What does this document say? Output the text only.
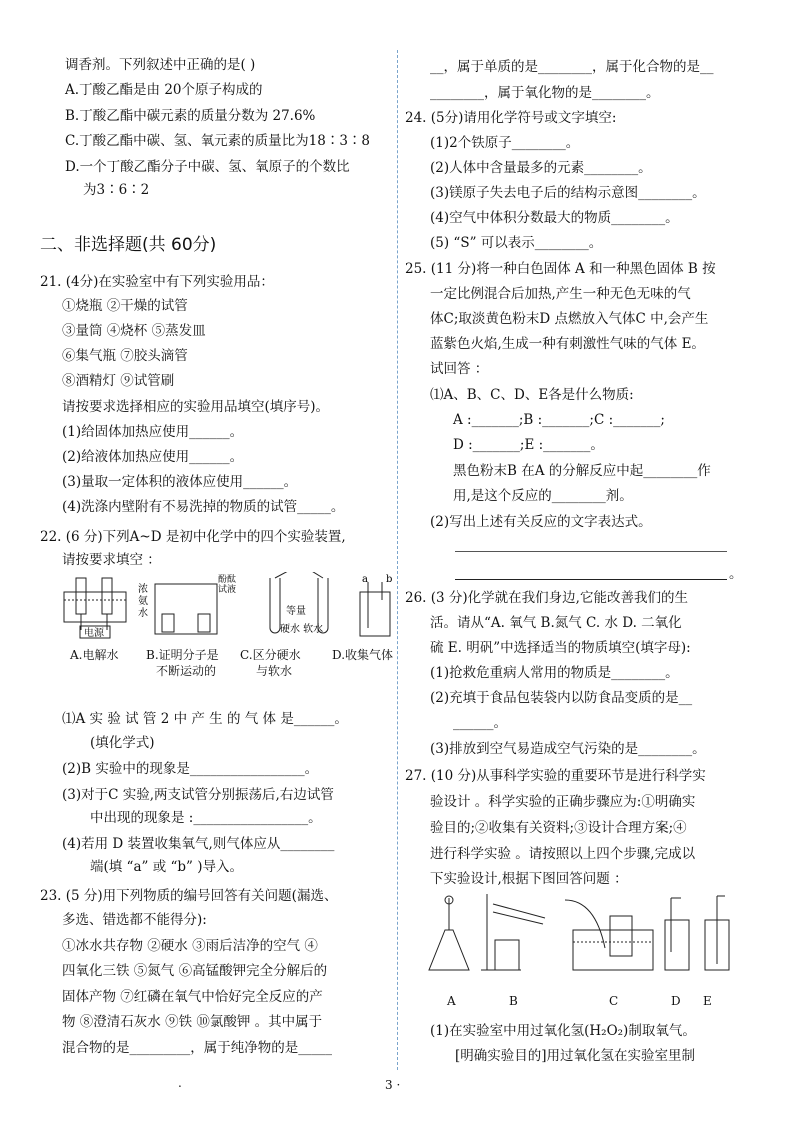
调香剂。下列叙述中正确的是( )
A.丁酸乙酯是由 20个原子构成的
B.丁酸乙酯中碳元素的质量分数为 27.6%
C.丁酸乙酯中碳、氢、氧元素的质量比为18∶3∶8
D.一个丁酸乙酯分子中碳、氢、氧原子的个数比
为3∶6∶2
二、非选择题(共 60分)
21. (4分)在实验室中有下列实验用品：
①烧瓶 ②干燥的试管
③量筒 ④烧杯 ⑤蒸发皿
⑥集气瓶 ⑦胶头滴管
⑧酒精灯 ⑨试管刷
请按要求选择相应的实验用品填空(填序号)。
(1)给固体加热应使用______。
(2)给液体加热应使用______。
(3)量取一定体积的液体应使用______。
(4)洗涤内壁附有不易洗掉的物质的试管_____。
22. (6 分)下列A~D 是初中化学中的四个实验装置,
请按要求填空 ：
电源
浓
氨
水
酚酞
试液
等量
硬水 软水
a b
A.电解水 B.证明分子是
不断运动的
C.区分硬水
与软水
D.收集气体
⑴A 实 验 试 管 2 中 产 生 的 气 体 是______。
(填化学式)
(2)B 实验中的现象是_________________。
(3)对于C 实验,两支试管分别振荡后,右边试管
中出现的现象是 :_________________。
(4)若用 D 装置收集氧气,则气体应从________
端(填 “a” 或 “b” )导入。
23. (5 分)用下列物质的编号回答有关问题(漏选、
多选、错选都不能得分):
①冰水共存物 ②硬水 ③雨后洁净的空气 ④
四氧化三铁 ⑤氮气 ⑥高锰酸钾完全分解后的
固体产物 ⑦红磷在氧气中恰好完全反应的产
物 ⑧澄清石灰水 ⑨铁 ⑩氯酸钾 。其中属于
混合物的是_________，属于纯净物的是_____
__，属于单质的是________，属于化合物的是__
________，属于氧化物的是________。
24. (5分)请用化学符号或文字填空:
(1)2个铁原子________。
(2)人体中含量最多的元素________。
(3)镁原子失去电子后的结构示意图________。
(4)空气中体积分数最大的物质________。
(5) “S” 可以表示________。
25. (11 分)将一种白色固体 A 和一种黑色固体 B 按
一定比例混合后加热,产生一种无色无味的气
体C;取淡黄色粉末D 点燃放入气体C 中,会产生
蓝紫色火焰,生成一种有刺激性气味的气体 E。
试回答 ：
⑴A、B、C、D、E各是什么物质:
A :_______;B :_______;C :_______;
D :_______;E :_______。
黑色粉末B 在A 的分解反应中起________作
用,是这个反应的________剂。
(2)写出上述有关反应的文字表达式。
。
26. (3 分)化学就在我们身边,它能改善我们的生
活。请从“A. 氧气 B.氮气 C. 水 D. 二氧化
硫 E. 明矾”中选择适当的物质填空(填字母):
(1)抢救危重病人常用的物质是________。
(2)充填于食品包装袋内以防食品变质的是__
______。
(3)排放到空气易造成空气污染的是________。
27. (10 分)从事科学实验的重要环节是进行科学实
验设计 。科学实验的正确步骤应为:①明确实
验目的;②收集有关资料;③设计合理方案;④
进行科学实验 。请按照以上四个步骤,完成以
下实验设计,根据下图回答问题 ：
A	B	C	D E
(1)在实验室中用过氧化氢(H₂O₂)制取氧气。
[明确实验目的]用过氧化氢在实验室里制
.	3 ·
